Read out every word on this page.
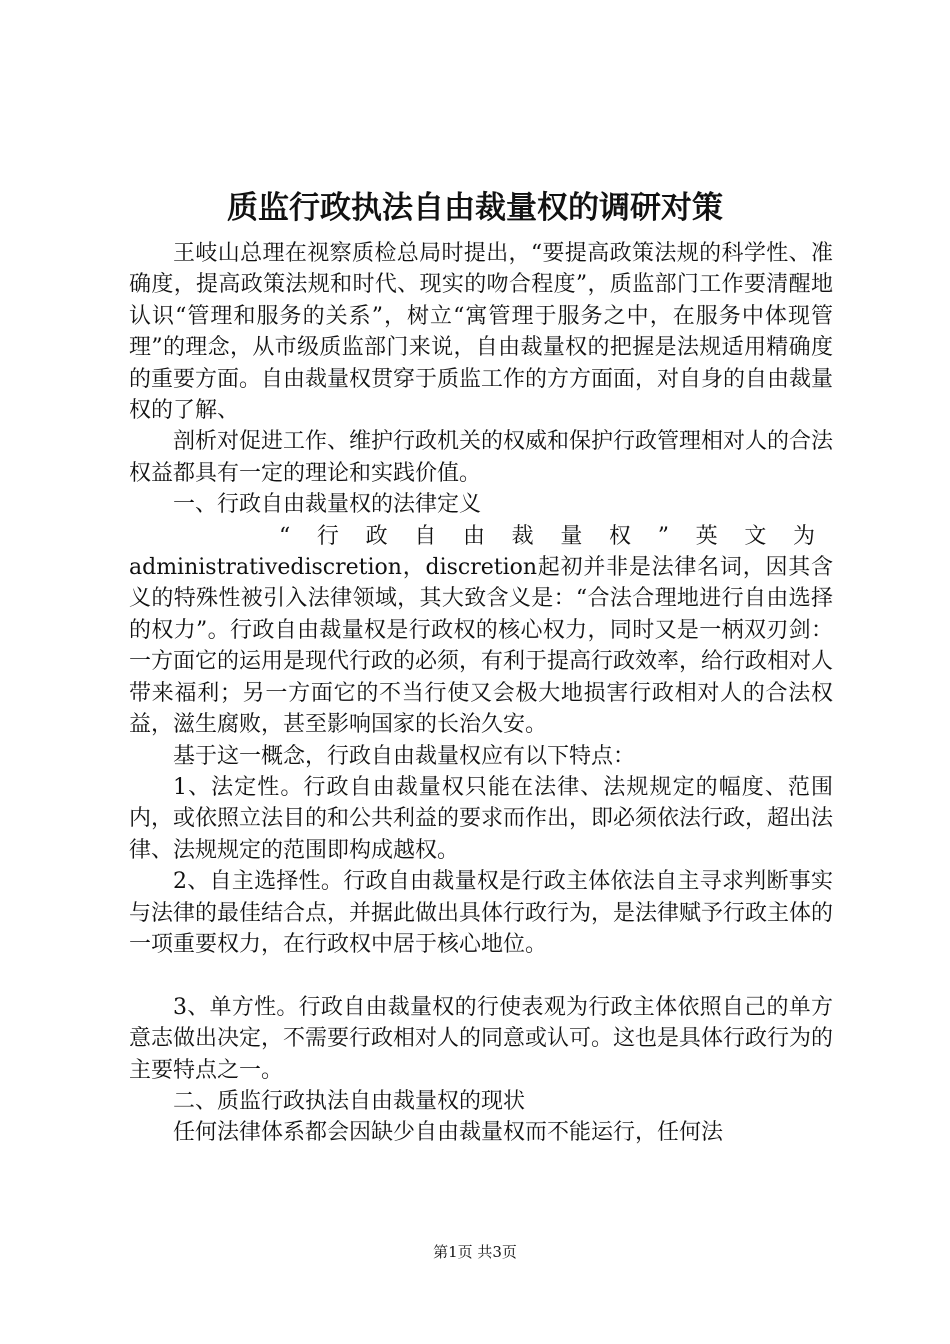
质监行政执法自由裁量权的调研对策

王岐山总理在视察质检总局时提出，“要提高政策法规的科学性、准确度，提高政策法规和时代、现实的吻合程度”，质监部门工作要清醒地认识“管理和服务的关系”，树立“寓管理于服务之中，在服务中体现管理”的理念，从市级质监部门来说，自由裁量权的把握是法规适用精确度的重要方面。自由裁量权贯穿于质监工作的方方面面，对自身的自由裁量权的了解、

剖析对促进工作、维护行政机关的权威和保护行政管理相对人的合法权益都具有一定的理论和实践价值。

一、行政自由裁量权的法律定义

“行政自由裁量权”英文为

administrativediscretion，discretion起初并非是法律名词，因其含义的特殊性被引入法律领域，其大致含义是：“合法合理地进行自由选择的权力”。行政自由裁量权是行政权的核心权力，同时又是一柄双刃剑：一方面它的运用是现代行政的必须，有利于提高行政效率，给行政相对人带来福利；另一方面它的不当行使又会极大地损害行政相对人的合法权益，滋生腐败，甚至影响国家的长治久安。

基于这一概念，行政自由裁量权应有以下特点：

1、法定性。行政自由裁量权只能在法律、法规规定的幅度、范围内，或依照立法目的和公共利益的要求而作出，即必须依法行政，超出法律、法规规定的范围即构成越权。

2、自主选择性。行政自由裁量权是行政主体依法自主寻求判断事实与法律的最佳结合点，并据此做出具体行政行为，是法律赋予行政主体的一项重要权力，在行政权中居于核心地位。

3、单方性。行政自由裁量权的行使表观为行政主体依照自己的单方意志做出决定，不需要行政相对人的同意或认可。这也是具体行政行为的主要特点之一。

二、质监行政执法自由裁量权的现状

任何法律体系都会因缺少自由裁量权而不能运行，任何法

第1页 共3页
